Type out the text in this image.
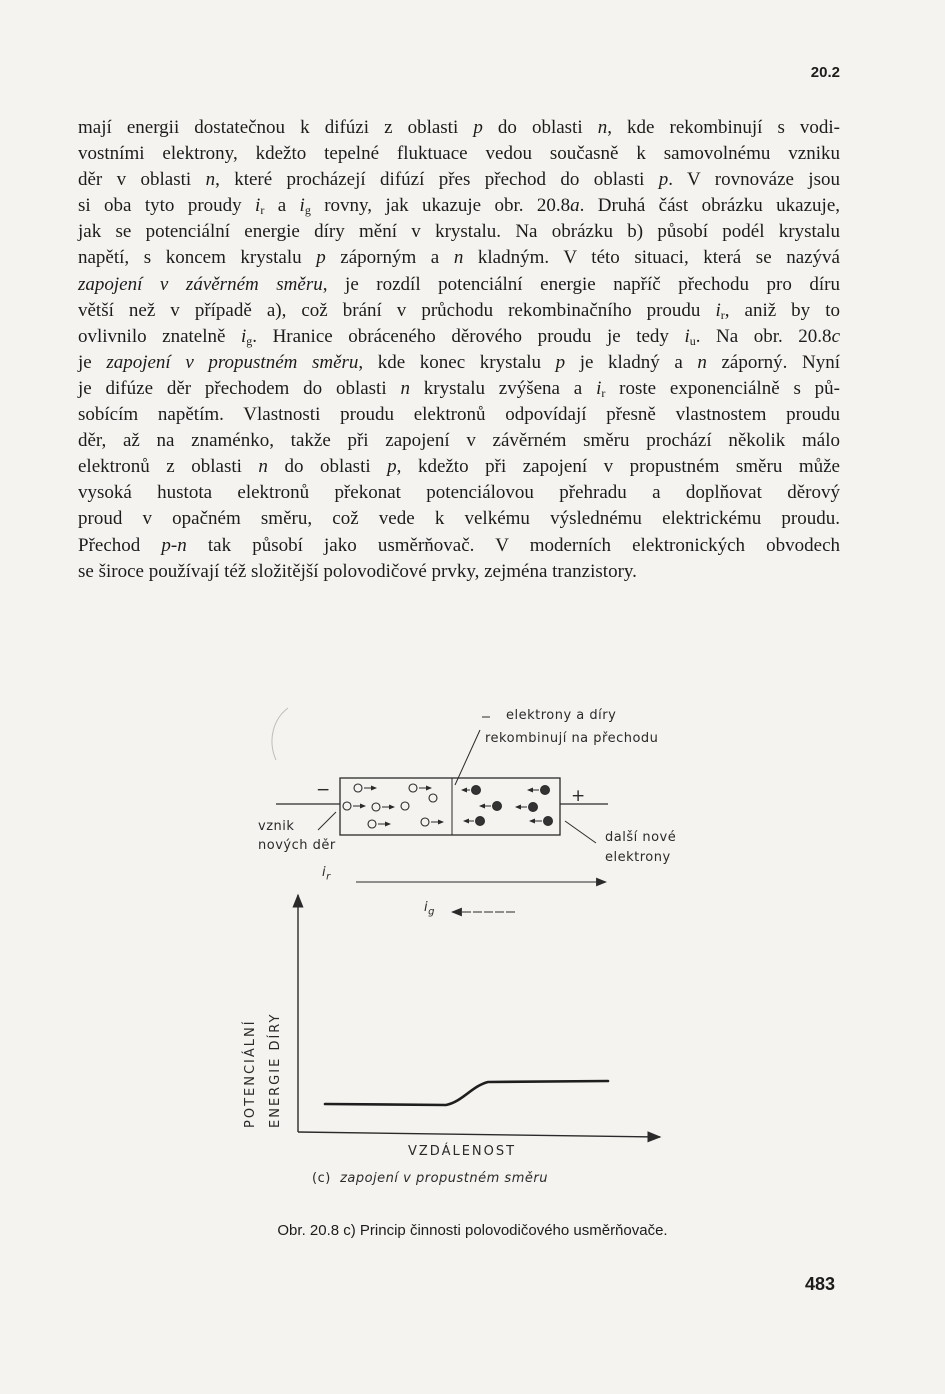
20.2
mají energii dostatečnou k difúzi z oblasti p do oblasti n, kde rekombinují s vodi-
vostními elektrony, kdežto tepelné fluktuace vedou současně k samovolnému vzniku
děr v oblasti n, které procházejí difúzí přes přechod do oblasti p. V rovnováze jsou
si oba tyto proudy $i_r$ a $i_g$ rovny, jak ukazuje obr. 20.8a. Druhá část obrázku ukazuje,
jak se potenciální energie díry mění v krystalu. Na obrázku b) působí podél krystalu
napětí, s koncem krystalu p záporným a n kladným. V této situaci, která se nazývá
zapojení v závěrném směru, je rozdíl potenciální energie napříč přechodu pro díru
větší než v případě a), což brání v průchodu rekombinačního proudu $i_r$, aniž by to
ovlivnilo znatelně $i_g$. Hranice obráceného děrového proudu je tedy $i_u$. Na obr. 20.8c
je zapojení v propustném směru, kde konec krystalu p je kladný a n záporný. Nyní
je difúze děr přechodem do oblasti n krystalu zvýšena a $i_r$ roste exponenciálně s pů-
sobícím napětím. Vlastnosti proudu elektronů odpovídají přesně vlastnostem proudu
děr, až na znaménko, takže při zapojení v závěrném směru prochází několik málo
elektronů z oblasti n do oblasti p, kdežto při zapojení v propustném směru může
vysoká hustota elektronů překonat potenciálovou přehradu a doplňovat děrový
proud v opačném směru, což vede k velkému výslednému elektrickému proudu.
Přechod p-n tak působí jako usměrňovač. V moderních elektronických obvodech
se široce používají též složitější polovodičové prvky, zejména tranzistory.
elektrony a díry
rekombinují na přechodu
−	+
vznik
nových děr
další nové
elektrony
$i_r$
$i_g$
POTENCIÁLNÍ ENERGIE DÍRY
VZDÁLENOST
(c) zapojení v propustném směru
Obr. 20.8 c) Princip činnosti polovodičového usměrňovače.
483
